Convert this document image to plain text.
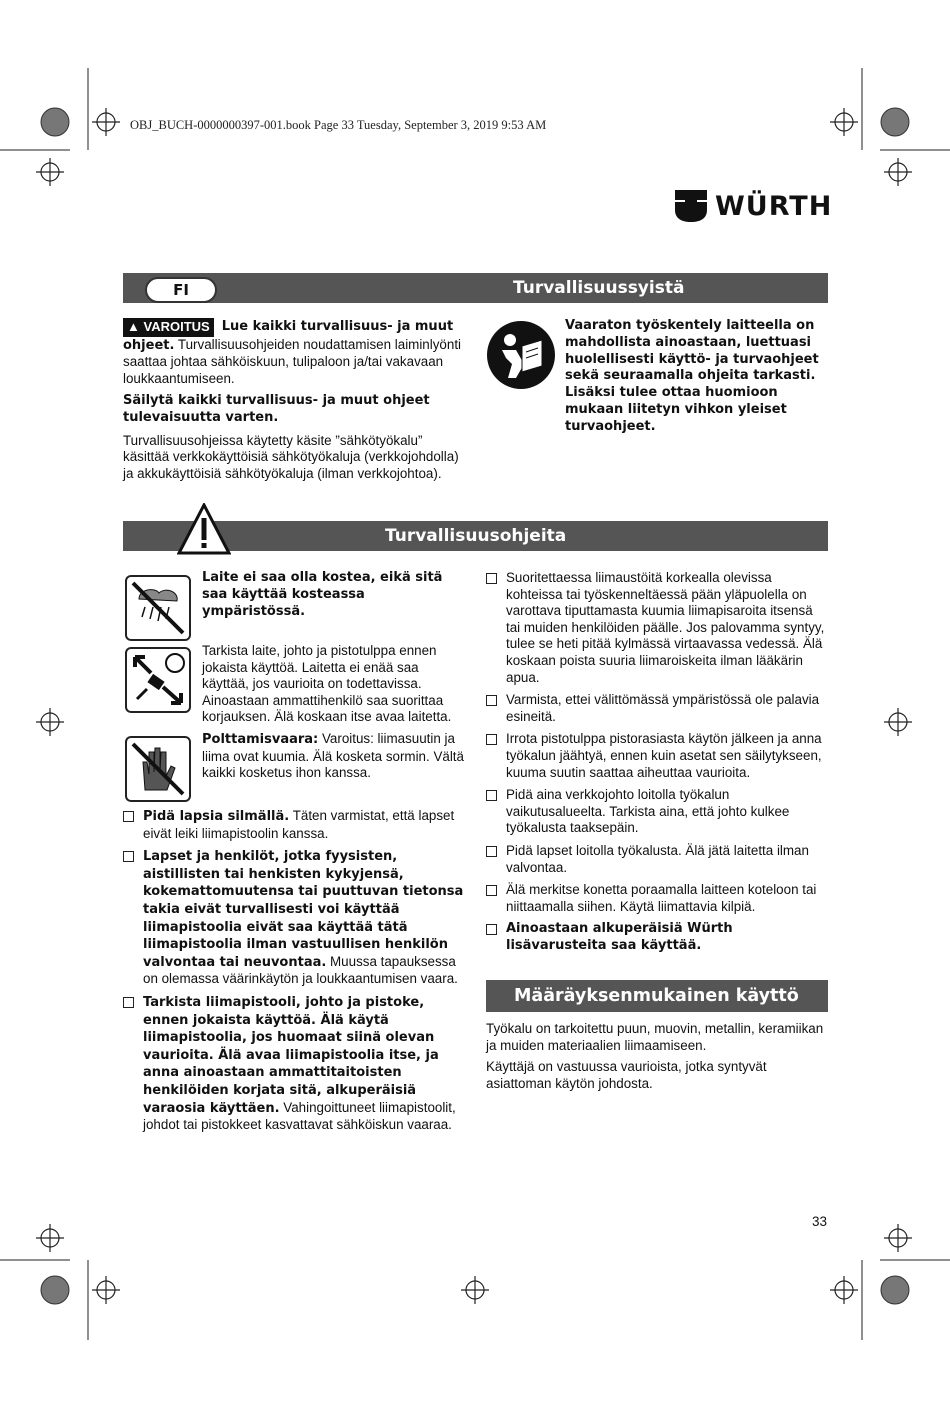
OBJ_BUCH-0000000397-001.book Page 33 Tuesday, September 3, 2019 9:53 AM
WÜRTH
FI	Turvallisuussyistä

▲ VAROITUS Lue kaikki turvallisuus- ja muut ohjeet. Turvallisuusohjeiden noudattamisen laiminlyönti saattaa johtaa sähköiskuun, tulipaloon ja/tai vakavaan loukkaantumiseen.

Säilytä kaikki turvallisuus- ja muut ohjeet tulevaisuutta varten.

Turvallisuusohjeissa käytetty käsite ”sähkötyökalu” käsittää verkkokäyttöisiä sähkötyökaluja (verkkojohdolla) ja akkukäyttöisiä sähkötyökaluja (ilman verkkojohtoa).

Vaaraton työskentely laitteella on mahdollista ainoastaan, luettuasi huolellisesti käyttö- ja turvaohjeet sekä seuraamalla ohjeita tarkasti. Lisäksi tulee ottaa huomioon mukaan liitetyn vihkon yleiset turvaohjeet.
Turvallisuusohjeita
Laite ei saa olla kostea, eikä sitä saa käyttää kosteassa ympäristössä.
Tarkista laite, johto ja pistotulppa ennen jokaista käyttöä. Laitetta ei enää saa käyttää, jos vaurioita on todettavissa. Ainoastaan ammattihenkilö saa suorittaa korjauksen. Älä koskaan itse avaa laitetta.
Polttamisvaara: Varoitus: liimasuutin ja liima ovat kuumia. Älä kosketa sormin. Vältä kaikki kosketus ihon kanssa.
Pidä lapsia silmällä. Täten varmistat, että lapset eivät leiki liimapistoolin kanssa.
Lapset ja henkilöt, jotka fyysisten, aistillisten tai henkisten kykyjensä, kokemattomuutensa tai puuttuvan tietonsa takia eivät turvallisesti voi käyttää liimapistoolia eivät saa käyttää tätä liimapistoolia ilman vastuullisen henkilön valvontaa tai neuvontaa. Muussa tapauksessa on olemassa väärinkäytön ja loukkaantumisen vaara.
Tarkista liimapistooli, johto ja pistoke, ennen jokaista käyttöä. Älä käytä liimapistoolia, jos huomaat siinä olevan vaurioita. Älä avaa liimapistoolia itse, ja anna ainoastaan ammattitaitoisten henkilöiden korjata sitä, alkuperäisiä varaosia käyttäen. Vahingoittuneet liimapistoolit, johdot tai pistokkeet kasvattavat sähköiskun vaaraa.
Suoritettaessa liimaustöitä korkealla olevissa kohteissa tai työskenneltäessä pään yläpuolella on varottava tiputtamasta kuumia liimapisaroita itsensä tai muiden henkilöiden päälle. Jos palovamma syntyy, tulee se heti pitää kylmässä virtaavassa vedessä. Älä koskaan poista suuria liimaroiskeita ilman lääkärin apua.
Varmista, ettei välittömässä ympäristössä ole palavia esineitä.
Irrota pistotulppa pistorasiasta käytön jälkeen ja anna työkalun jäähtyä, ennen kuin asetat sen säilytykseen, kuuma suutin saattaa aiheuttaa vaurioita.
Pidä aina verkkojohto loitolla työkalun vaikutusalueelta. Tarkista aina, että johto kulkee työkalusta taaksepäin.
Pidä lapset loitolla työkalusta. Älä jätä laitetta ilman valvontaa.
Älä merkitse konetta poraamalla laitteen koteloon tai niittaamalla siihen. Käytä liimattavia kilpiä.
Ainoastaan alkuperäisiä Würth lisävarusteita saa käyttää.
Määräyksenmukainen käyttö

Työkalu on tarkoitettu puun, muovin, metallin, keramiikan ja muiden materiaalien liimaamiseen.

Käyttäjä on vastuussa vaurioista, jotka syntyvät asiattoman käytön johdosta.

33
